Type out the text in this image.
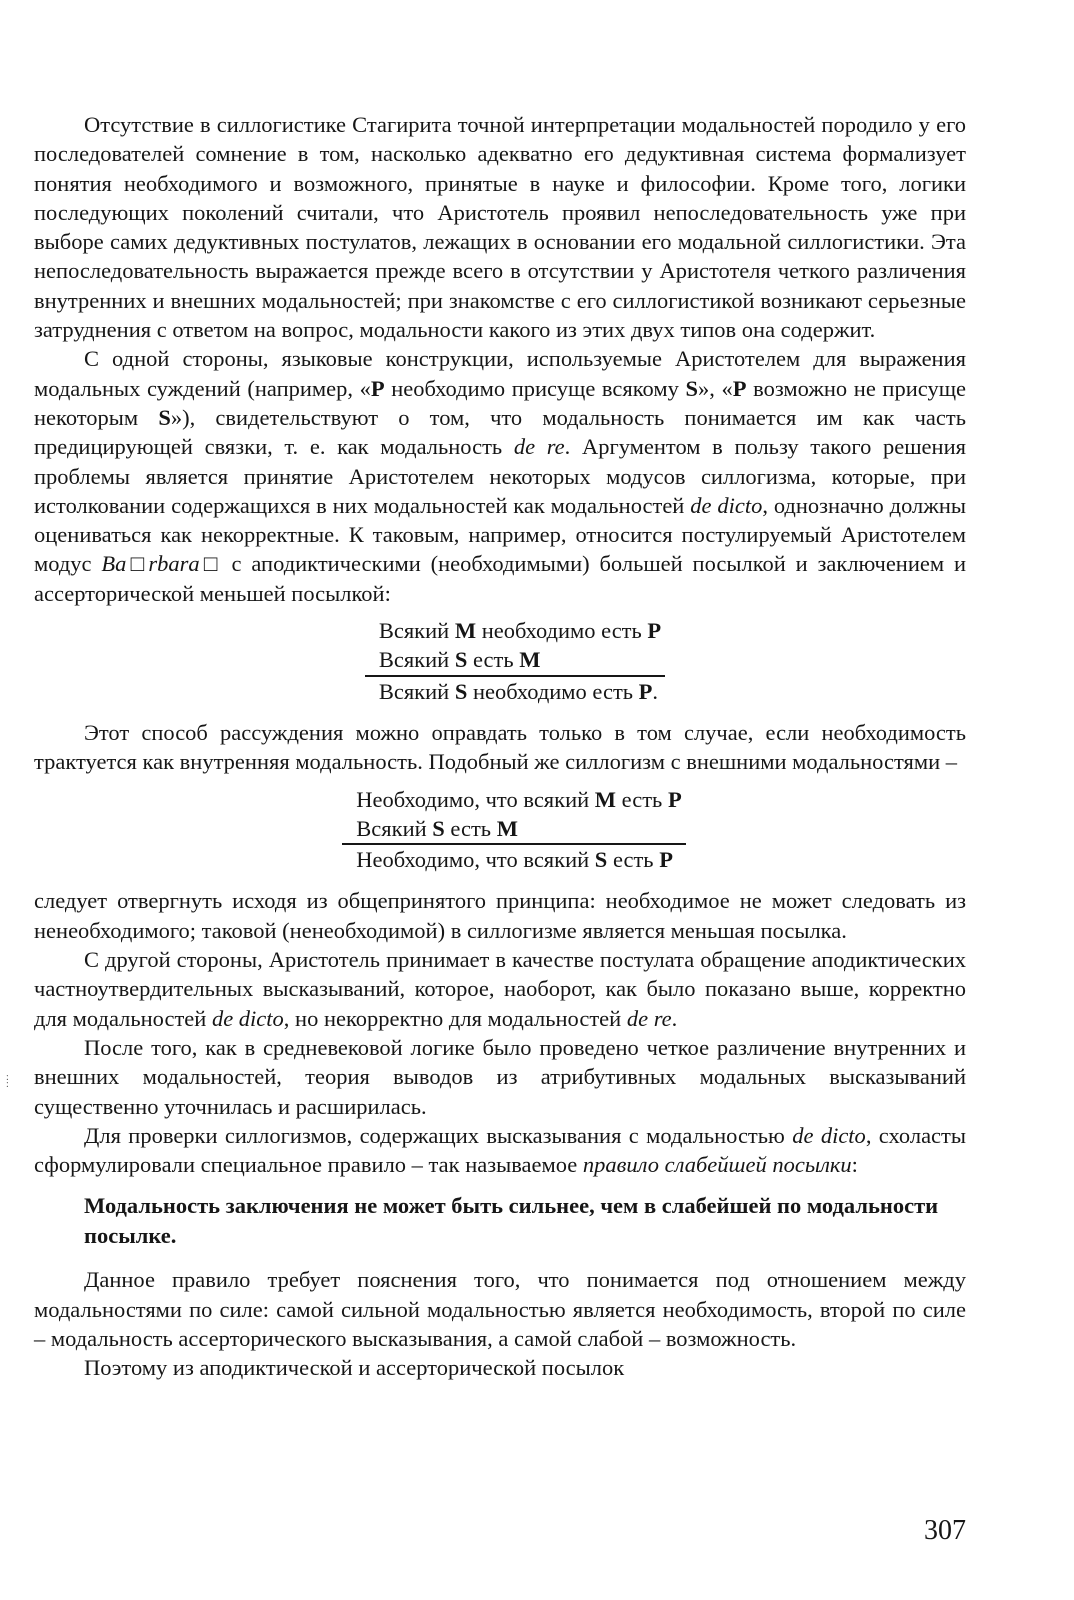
Отсутствие в силлогистике Стагирита точной интерпретации модальностей породило у его последователей сомнение в том, насколько адекватно его дедуктивная система формализует понятия необходимого и возможного, принятые в науке и философии. Кроме того, логики последующих поколений считали, что Аристотель проявил непоследовательность уже при выборе самих дедуктивных постулатов, лежащих в основании его модальной силлогистики. Эта непоследовательность выражается прежде всего в отсутствии у Аристотеля четкого различения внутренних и внешних модальностей; при знакомстве с его силлогистикой возникают серьезные затруднения с ответом на вопрос, модальности какого из этих двух типов она содержит.

С одной стороны, языковые конструкции, используемые Аристотелем для выражения модальных суждений (например, «P необходимо присуще всякому S», «P возможно не присуще некоторым S»), свидетельствуют о том, что модальность понимается им как часть предицирующей связки, т. е. как модальность de re. Аргументом в пользу такого решения проблемы является принятие Аристотелем некоторых модусов силлогизма, которые, при истолковании содержащихся в них модальностей как модальностей de dicto, однозначно должны оцениваться как некорректные. К таковым, например, относится постулируемый Аристотелем модус Ba□rbara□ с аподиктическими (необходимыми) большей посылкой и заключением и ассерторической меньшей посылкой:

Всякий M необходимо есть P
Всякий S есть M
Всякий S необходимо есть P.

Этот способ рассуждения можно оправдать только в том случае, если необходимость трактуется как внутренняя модальность. Подобный же силлогизм с внешними модальностями –

Необходимо, что всякий M есть P
Всякий S есть M
Необходимо, что всякий S есть P

следует отвергнуть исходя из общепринятого принципа: необходимое не может следовать из ненеобходимого; таковой (ненеобходимой) в силлогизме является меньшая посылка.

С другой стороны, Аристотель принимает в качестве постулата обращение аподиктических частноутвердительных высказываний, которое, наоборот, как было показано выше, корректно для модальностей de dicto, но некорректно для модальностей de re.

После того, как в средневековой логике было проведено четкое различение внутренних и внешних модальностей, теория выводов из атрибутивных модальных высказываний существенно уточнилась и расширилась.

Для проверки силлогизмов, содержащих высказывания с модальностью de dicto, схоласты сформулировали специальное правило – так называемое правило слабейшей посылки:

Модальность заключения не может быть сильнее, чем в слабейшей по модальности посылке.

Данное правило требует пояснения того, что понимается под отношением между модальностями по силе: самой сильной модальностью является необходимость, второй по силе – модальность ассерторического высказывания, а самой слабой – возможность.

Поэтому из аподиктической и ассерторической посылок

: :
307
